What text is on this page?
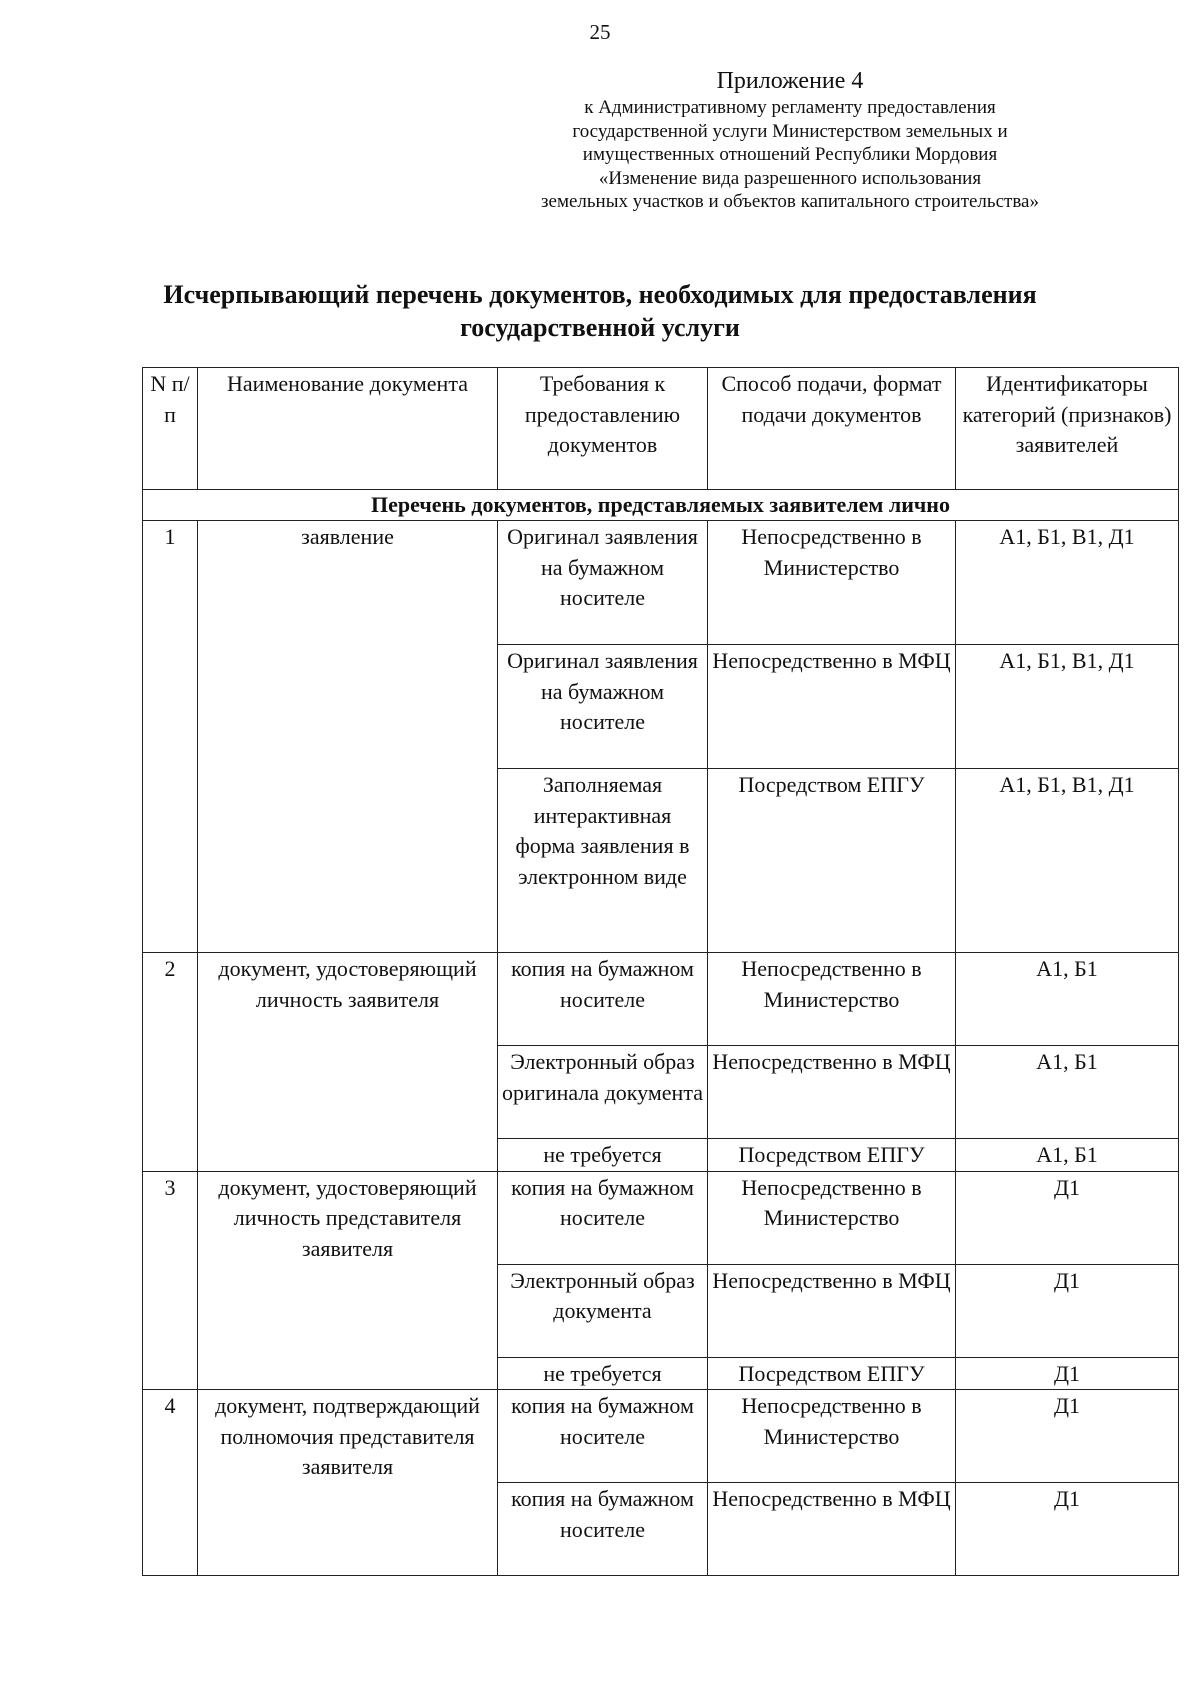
25
Приложение 4
к Административному регламенту предоставления
государственной услуги Министерством земельных и
имущественных отношений Республики Мордовия
«Изменение вида разрешенного использования
земельных участков и объектов капитального строительства»
Исчерпывающий перечень документов, необходимых для предоставления
государственной услуги
N п/п	Наименование документа	Требования к предоставлению документов	Способ подачи, формат подачи документов	Идентификаторы категорий (признаков) заявителей
Перечень документов, представляемых заявителем лично				
1	заявление	Оригинал заявления на бумажном носителе	Непосредственно в Министерство	А1, Б1, В1, Д1
		Оригинал заявления на бумажном носителе	Непосредственно в МФЦ	А1, Б1, В1, Д1
		Заполняемая интерактивная форма заявления в электронном виде	Посредством ЕПГУ	А1, Б1, В1, Д1
2	документ, удостоверяющий личность заявителя	копия на бумажном носителе	Непосредственно в Министерство	А1, Б1
		Электронный образ оригинала документа	Непосредственно в МФЦ	А1, Б1
		не требуется	Посредством ЕПГУ	А1, Б1
3	документ, удостоверяющий личность представителя заявителя	копия на бумажном носителе	Непосредственно в Министерство	Д1
		Электронный образ документа	Непосредственно в МФЦ	Д1
		не требуется	Посредством ЕПГУ	Д1
4	документ, подтверждающий полномочия представителя заявителя	копия на бумажном носителе	Непосредственно в Министерство	Д1
		копия на бумажном носителе	Непосредственно в МФЦ	Д1
